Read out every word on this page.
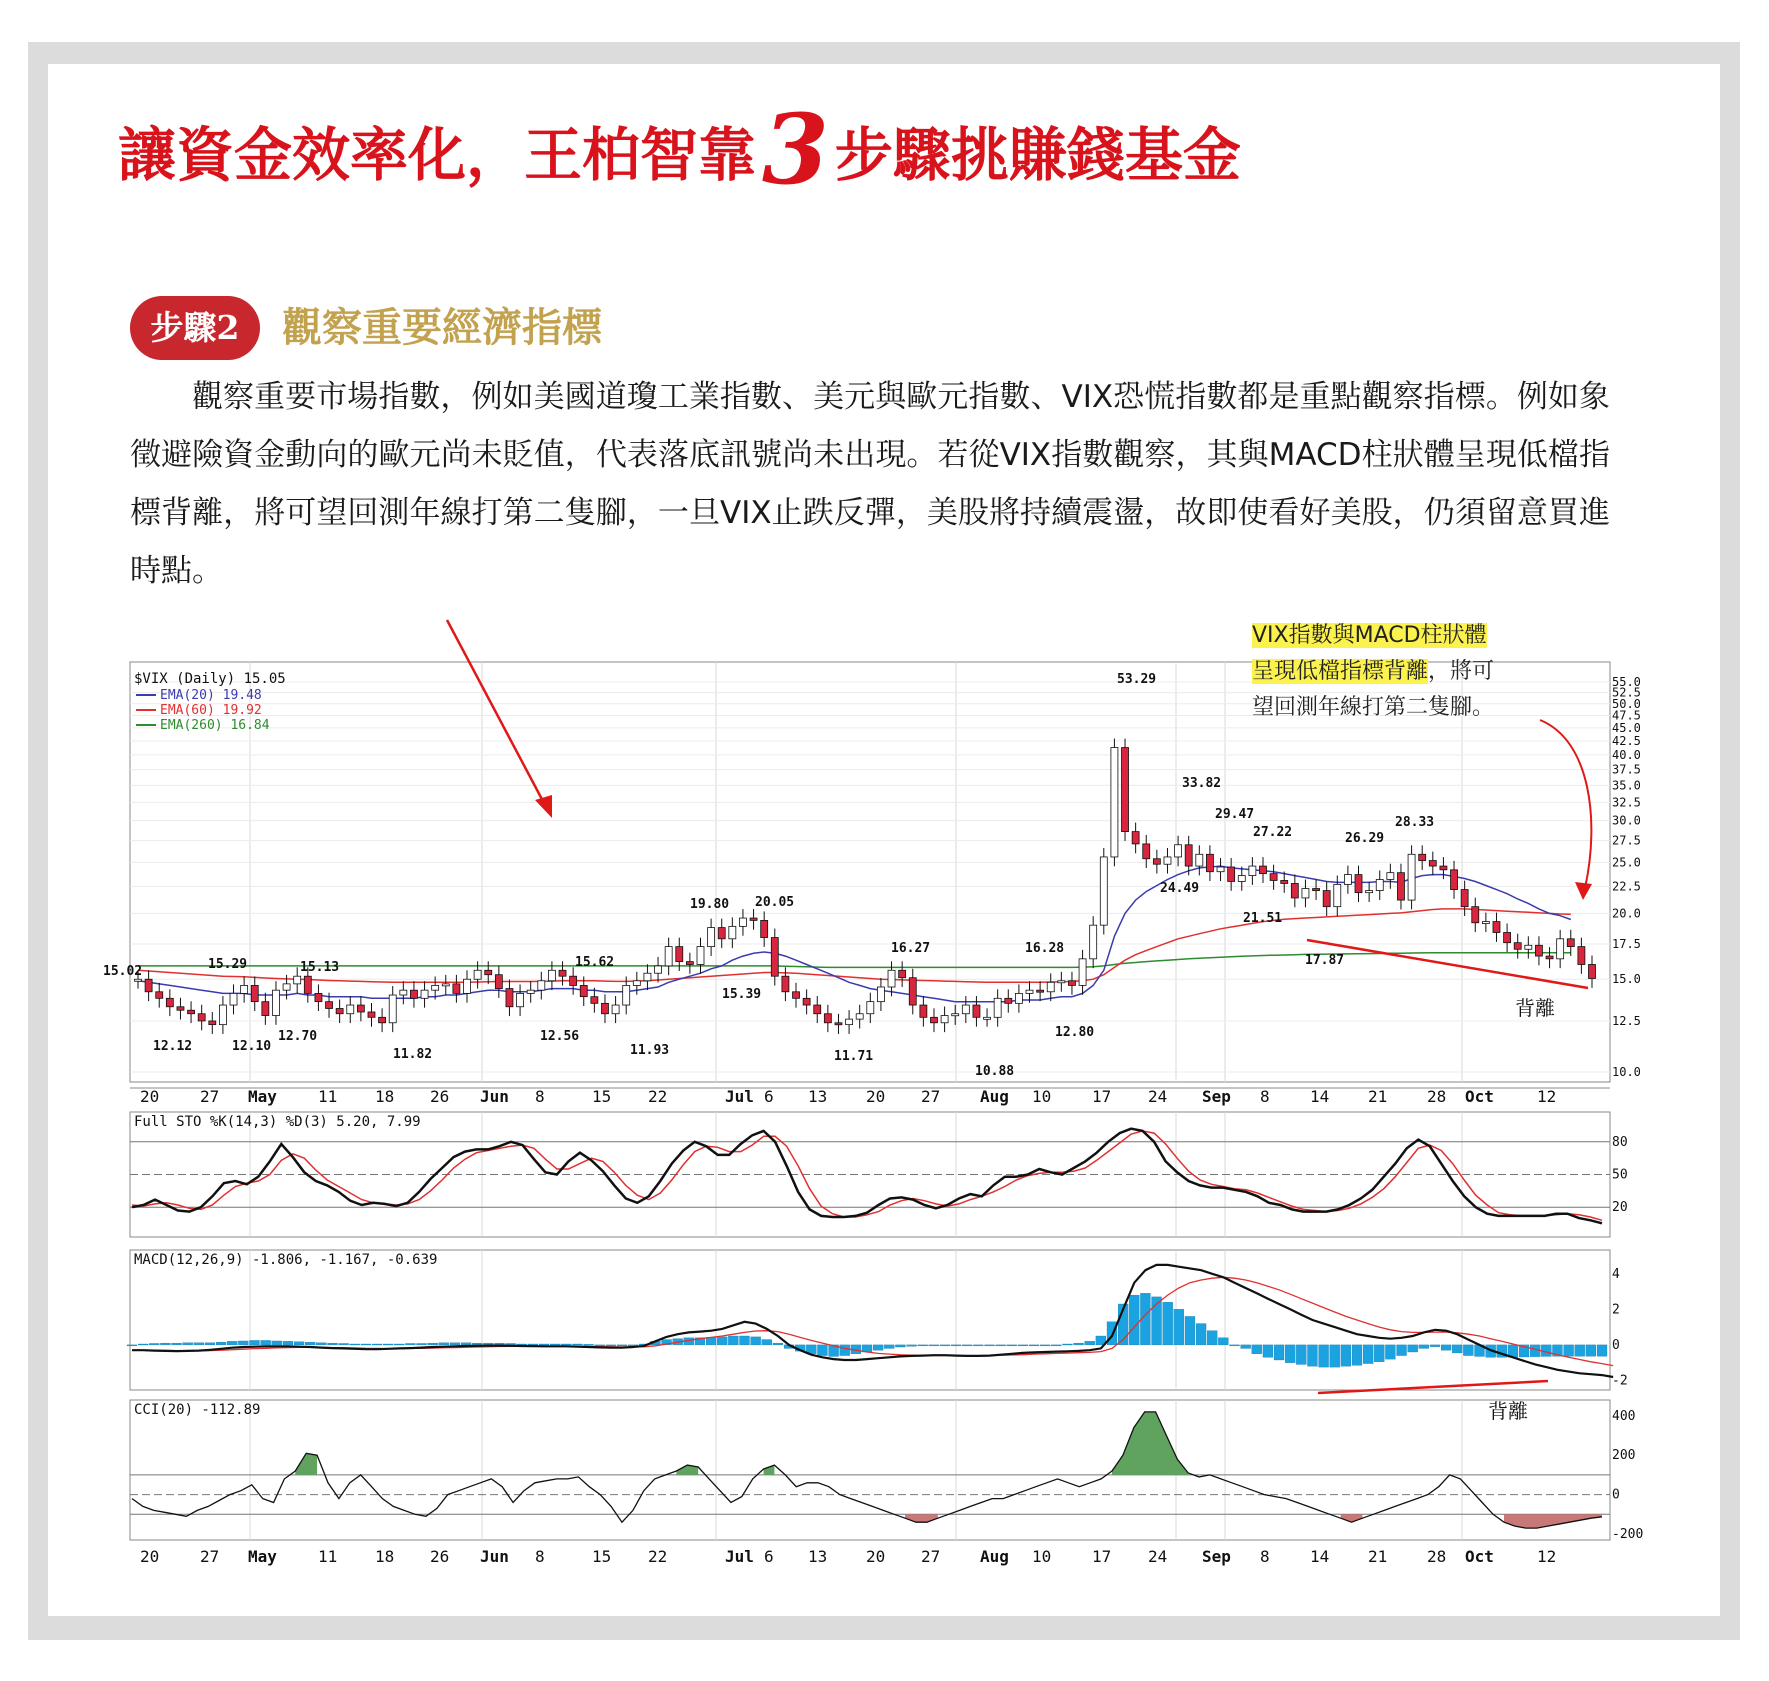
讓資金效率化，王柏智靠3 步驟挑賺錢基金
步驟2	觀察重要經濟指標

觀察重要市場指數，例如美國道瓊工業指數、美元與歐元指數、VIX恐慌指數都是重點觀察指標。例如象徵避險資金動向的歐元尚未貶值，代表落底訊號尚未出現。若從VIX指數觀察，其與MACD柱狀體呈現低檔指標背離，將可望回測年線打第二隻腳，一旦VIX止跌反彈，美股將持續震盪，故即使看好美股，仍須留意買進時點。

55.0
52.5
50.0
47.5
45.0
42.5
40.0
37.5
35.0
32.5
30.0
27.5
25.0
22.5
20.0
17.5
15.0
12.5
10.0
15.02	15.29	15.13
12.12	12.10
12.70
11.82
12.56
15.62
11.93
19.80 20.05
15.39
11.71
16.27
10.88
16.28
12.80
53.29
24.49
33.82
29.47
27.22
21.51
26.29
28.33
17.87
$VIX (Daily) 15.05
EMA(20) 19.48
EMA(60) 19.92
EMA(260) 16.84
背離
20
20
27
27
May
May
11
11
18
18
26
26
Jun
Jun
8
8
15
15
22
22
Jul
Jul
6
6
13
13
20
20
27
27
Aug
Aug
10
10
17
17
24
24
Sep
Sep
8
8
14
14
21
21
28
28
Oct
Oct
12
12
80
50
20
Full STO %K(14,3) %D(3) 5.20, 7.99
4
2
0
-2
MACD(12,26,9) -1.806, -1.167, -0.639
背離	400
200
0
-200
CCI(20) -112.89
VIX指數與MACD柱狀體
呈現低檔指標背離，將可
望回測年線打第二隻腳。
